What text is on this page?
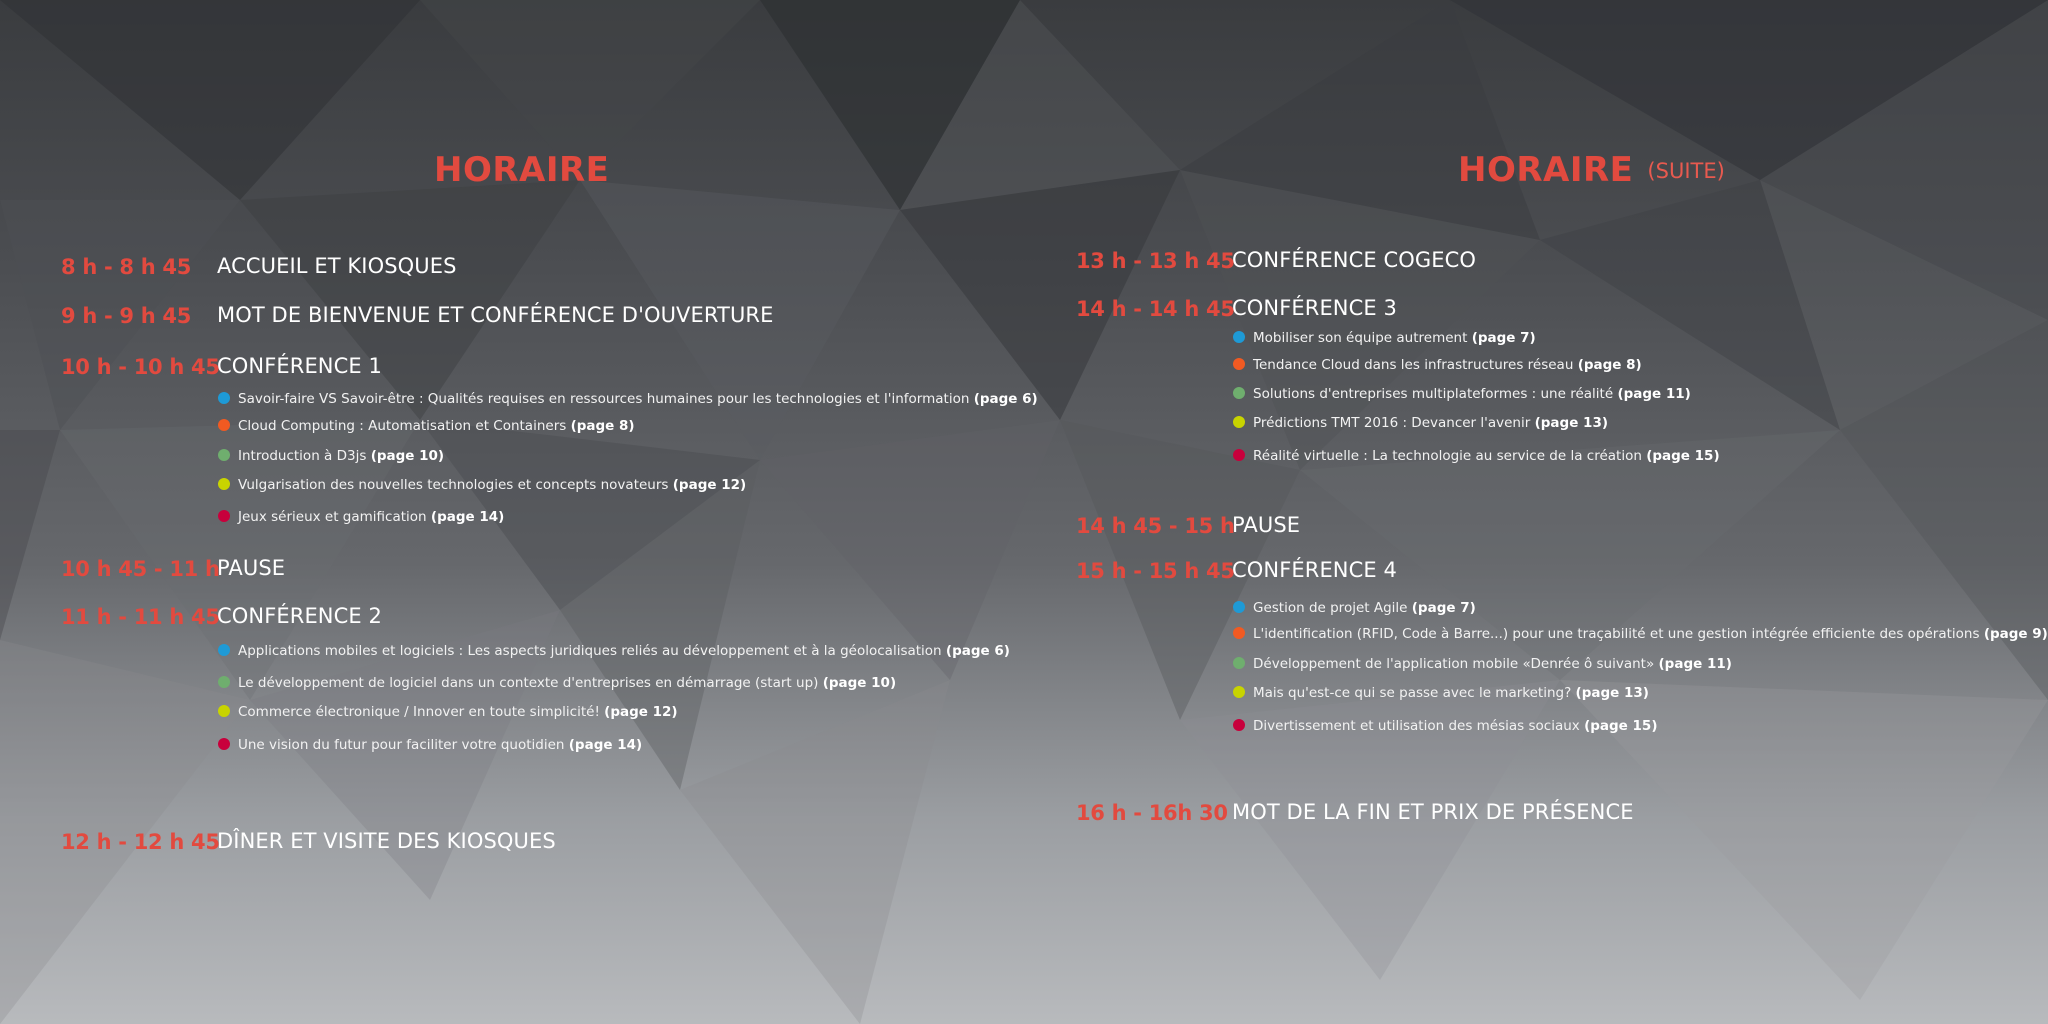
HORAIRE
8 h - 8 h 45 ACCUEIL ET KIOSQUES
9 h - 9 h 45 MOT DE BIENVENUE ET CONFÉRENCE D'OUVERTURE
10 h - 10 h 45
CONFÉRENCE 1
Savoir-faire VS Savoir-être : Qualités requises en ressources humaines pour les technologies et l'information (page 6)
Cloud Computing : Automatisation et Containers (page 8)
Introduction à D3js (page 10)
Vulgarisation des nouvelles technologies et concepts novateurs (page 12)
Jeux sérieux et gamification (page 14)
10 h 45 - 11 h
PAUSE
11 h - 11 h 45
CONFÉRENCE 2
Applications mobiles et logiciels : Les aspects juridiques reliés au développement et à la géolocalisation (page 6)
Le développement de logiciel dans un contexte d'entreprises en démarrage (start up) (page 10)
Commerce électronique / Innover en toute simplicité! (page 12)
Une vision du futur pour faciliter votre quotidien (page 14)
12 h - 12 h 45
DÎNER ET VISITE DES KIOSQUES
HORAIRE (SUITE)
13 h - 13 h 45
CONFÉRENCE COGECO
14 h - 14 h 45
CONFÉRENCE 3
Mobiliser son équipe autrement (page 7)
Tendance Cloud dans les infrastructures réseau (page 8)
Solutions d'entreprises multiplateformes : une réalité (page 11)
Prédictions TMT 2016 : Devancer l'avenir (page 13)
Réalité virtuelle : La technologie au service de la création (page 15)
14 h 45 - 15 h
PAUSE
15 h - 15 h 45
CONFÉRENCE 4
Gestion de projet Agile (page 7)
L'identification (RFID, Code à Barre...) pour une traçabilité et une gestion intégrée efficiente des opérations (page 9)
Développement de l'application mobile «Denrée ô suivant» (page 11)
Mais qu'est-ce qui se passe avec le marketing? (page 13)
Divertissement et utilisation des mésias sociaux (page 15)
16 h - 16h 30 MOT DE LA FIN ET PRIX DE PRÉSENCE
